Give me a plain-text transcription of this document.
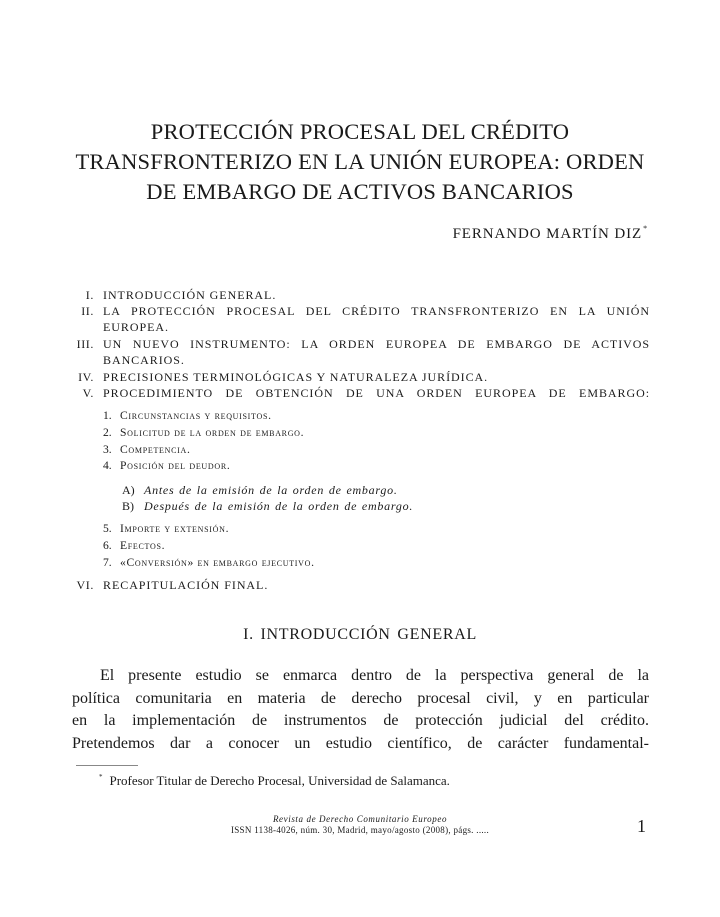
PROTECCIÓN PROCESAL DEL CRÉDITO
TRANSFRONTERIZO EN LA UNIÓN EUROPEA: ORDEN
DE EMBARGO DE ACTIVOS BANCARIOS
FERNANDO MARTÍN DIZ*
I. INTRODUCCIÓN GENERAL.
II. LA PROTECCIÓN PROCESAL DEL CRÉDITO TRANSFRONTERIZO EN LA UNIÓN
EUROPEA.
III. UN NUEVO INSTRUMENTO: LA ORDEN EUROPEA DE EMBARGO DE ACTIVOS
BANCARIOS.
IV. PRECISIONES TERMINOLÓGICAS Y NATURALEZA JURÍDICA.
V. PROCEDIMIENTO DE OBTENCIÓN DE UNA ORDEN EUROPEA DE EMBARGO:
1. Circunstancias y requisitos.
2. Solicitud de la orden de embargo.
3. Competencia.
4. Posición del deudor.
A) Antes de la emisión de la orden de embargo.
B) Después de la emisión de la orden de embargo.
5. Importe y extensión.
6. Efectos.
7. «Conversión» en embargo ejecutivo.
VI. RECAPITULACIÓN FINAL.
I. INTRODUCCIÓN GENERAL
El presente estudio se enmarca dentro de la perspectiva general de la
política comunitaria en materia de derecho procesal civil, y en particular
en la implementación de instrumentos de protección judicial del crédito.
Pretendemos dar a conocer un estudio científico, de carácter fundamental-
* Profesor Titular de Derecho Procesal, Universidad de Salamanca.
Revista de Derecho Comunitario Europeo
ISSN 1138-4026, núm. 30, Madrid, mayo/agosto (2008), págs. .....	1
